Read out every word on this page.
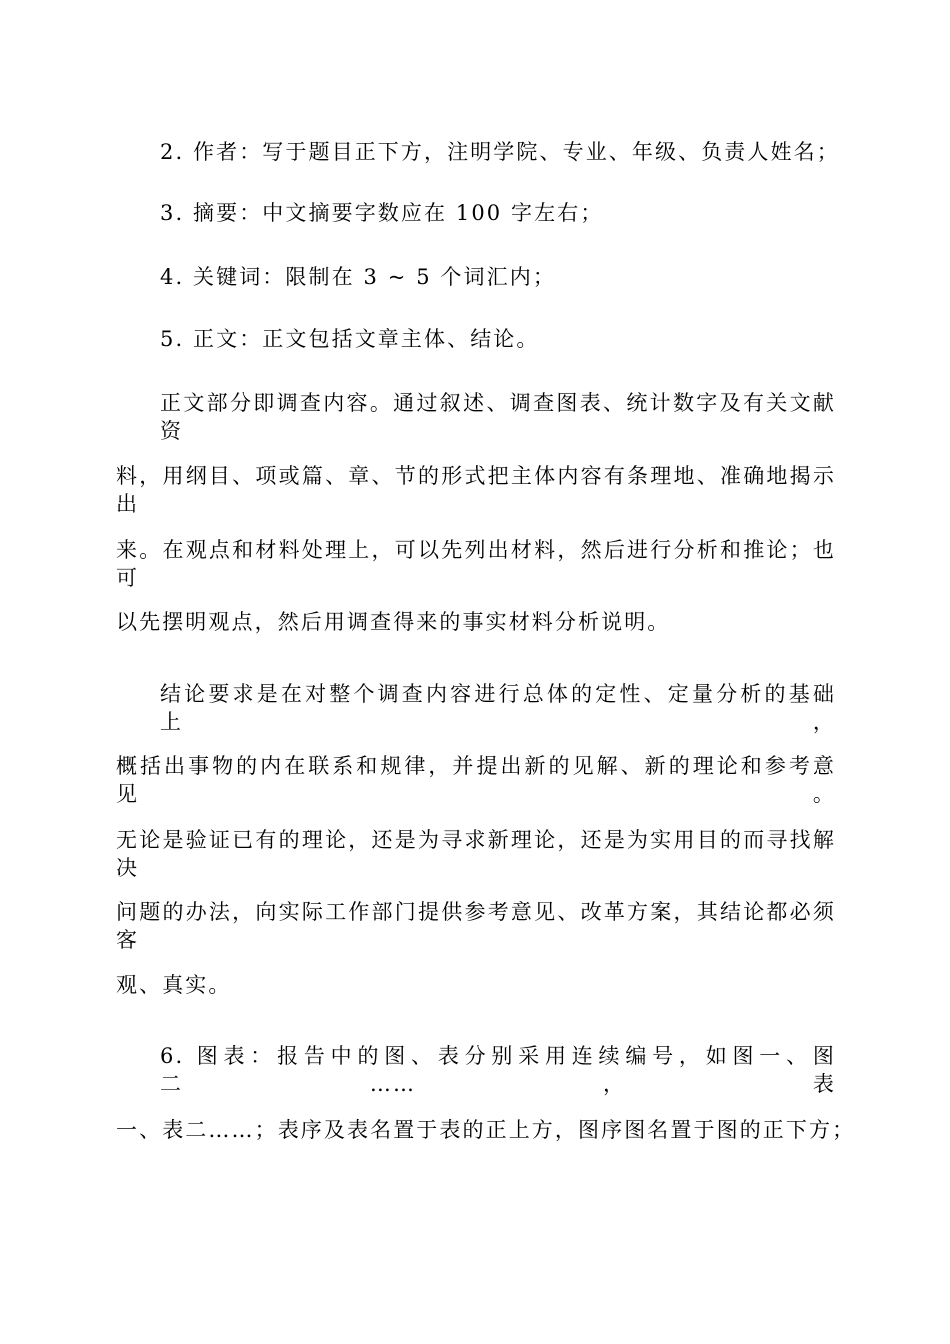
2. 作者：写于题目正下方，注明学院、专业、年级、负责人姓名；
3. 摘要：中文摘要字数应在 100 字左右；
4. 关键词：限制在 3 ~ 5 个词汇内；
5. 正文：正文包括文章主体、结论。
正文部分即调查内容。通过叙述、调查图表、统计数字及有关文献资
料，用纲目、项或篇、章、节的形式把主体内容有条理地、准确地揭示出
来。在观点和材料处理上，可以先列出材料，然后进行分析和推论；也可
以先摆明观点，然后用调查得来的事实材料分析说明。
结论要求是在对整个调查内容进行总体的定性、定量分析的基础上，
概括出事物的内在联系和规律，并提出新的见解、新的理论和参考意见。
无论是验证已有的理论，还是为寻求新理论，还是为实用目的而寻找解决
问题的办法，向实际工作部门提供参考意见、改革方案，其结论都必须客
观、真实。
6. 图表：报告中的图、表分别采用连续编号，如图一、图二……，表
一、表二……；表序及表名置于表的正上方，图序图名置于图的正下方；
